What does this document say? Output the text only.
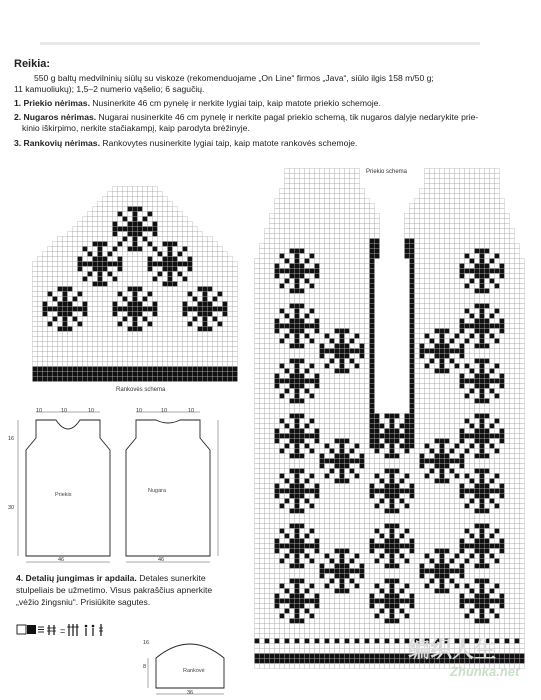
Reikia:
550 g baltų medvilninių siūlų su viskoze (rekomenduojame „On Line“ firmos „Java“, siūlo ilgis 158 m/50 g;
11 kamuoliukų); 1,5–2 numerio vąšelio; 6 sagučių.
1. Priekio nėrimas. Nusinerkite 46 cm pynelę ir nerkite lygiai taip, kaip matote priekio schemoje.
2. Nugaros nėrimas. Nugarai nusinerkite 46 cm pynelę ir nerkite pagal priekio schemą, tik nugaros dalyje nedarykite prie-
kinio iškirpimo, nerkite stačiakampį, kaip parodyta brėžinyje.
3. Rankovių nėrimas. Rankovytes nusinerkite lygiai taip, kaip matote rankovės schemoje.
Priekio schema
Rankovės schema
10	10	10	10	10	10
16
30
46	46
Priekis
Nugara
4. Detalių jungimas ir apdaila. Detales sunerkite
stulpeliais be užmetimo. Visus pakraščius apnerkite
„vėžio žingsniu“. Prisiūkite sagutes.
=
16
8
Rankovė
36
编织人生
Zhunka.net
